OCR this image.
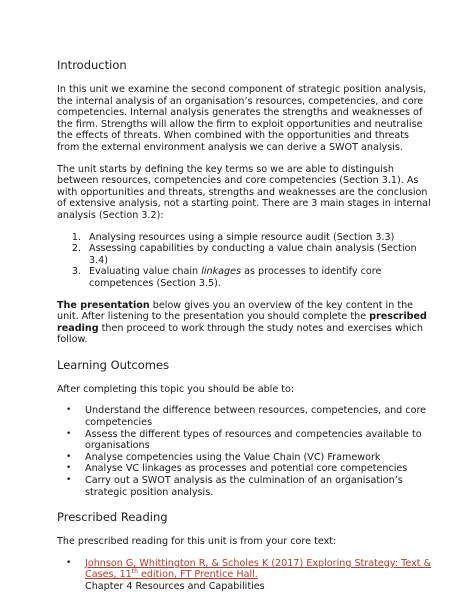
Introduction

In this unit we examine the second component of strategic position analysis, the internal analysis of an organisation’s resources, competencies, and core competencies. Internal analysis generates the strengths and weaknesses of the firm. Strengths will allow the firm to exploit opportunities and neutralise the effects of threats. When combined with the opportunities and threats from the external environment analysis we can derive a SWOT analysis.

The unit starts by defining the key terms so we are able to distinguish between resources, competencies and core competencies (Section 3.1). As with opportunities and threats, strengths and weaknesses are the conclusion of extensive analysis, not a starting point. There are 3 main stages in internal analysis (Section 3.2):

1. Analysing resources using a simple resource audit (Section 3.3)
2. Assessing capabilities by conducting a value chain analysis (Section 3.4)
3. Evaluating value chain linkages as processes to identify core competences (Section 3.5).

The presentation below gives you an overview of the key content in the unit. After listening to the presentation you should complete the prescribed reading then proceed to work through the study notes and exercises which follow.

Learning Outcomes

After completing this topic you should be able to:

• Understand the difference between resources, competencies, and core competencies
• Assess the different types of resources and competencies available to organisations
• Analyse competencies using the Value Chain (VC) Framework
• Analyse VC linkages as processes and potential core competencies
• Carry out a SWOT analysis as the culmination of an organisation’s strategic position analysis.
Prescribed Reading

The prescribed reading for this unit is from your core text:

• Johnson G, Whittington R, & Scholes K (2017) Exploring Strategy: Text & Cases, 11th edition, FT Prentice Hall.
Chapter 4 Resources and Capabilities
